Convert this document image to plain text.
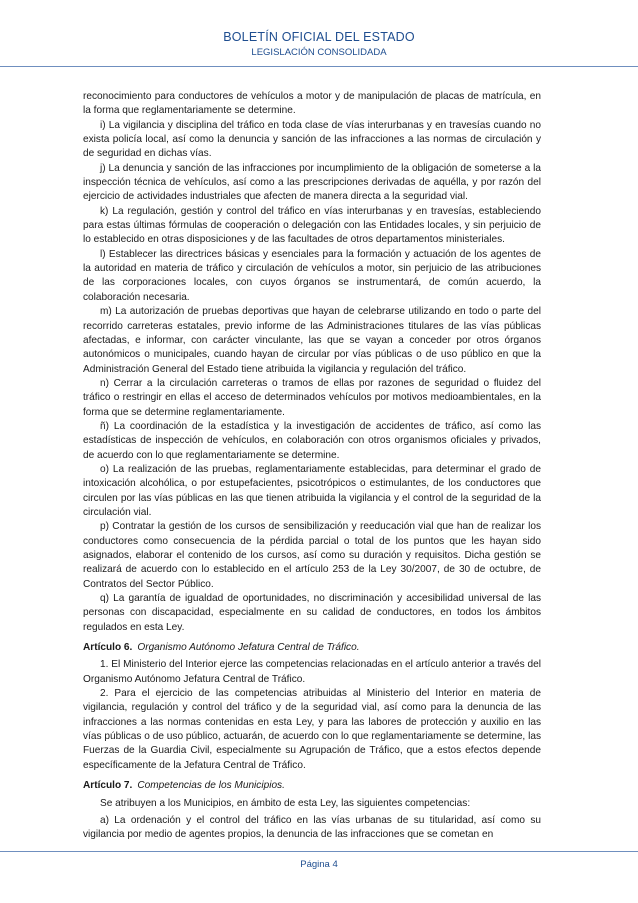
BOLETÍN OFICIAL DEL ESTADO
LEGISLACIÓN CONSOLIDADA

reconocimiento para conductores de vehículos a motor y de manipulación de placas de matrícula, en la forma que reglamentariamente se determine.

i) La vigilancia y disciplina del tráfico en toda clase de vías interurbanas y en travesías cuando no exista policía local, así como la denuncia y sanción de las infracciones a las normas de circulación y de seguridad en dichas vías.

j) La denuncia y sanción de las infracciones por incumplimiento de la obligación de someterse a la inspección técnica de vehículos, así como a las prescripciones derivadas de aquélla, y por razón del ejercicio de actividades industriales que afecten de manera directa a la seguridad vial.

k) La regulación, gestión y control del tráfico en vías interurbanas y en travesías, estableciendo para estas últimas fórmulas de cooperación o delegación con las Entidades locales, y sin perjuicio de lo establecido en otras disposiciones y de las facultades de otros departamentos ministeriales.

l) Establecer las directrices básicas y esenciales para la formación y actuación de los agentes de la autoridad en materia de tráfico y circulación de vehículos a motor, sin perjuicio de las atribuciones de las corporaciones locales, con cuyos órganos se instrumentará, de común acuerdo, la colaboración necesaria.

m) La autorización de pruebas deportivas que hayan de celebrarse utilizando en todo o parte del recorrido carreteras estatales, previo informe de las Administraciones titulares de las vías públicas afectadas, e informar, con carácter vinculante, las que se vayan a conceder por otros órganos autonómicos o municipales, cuando hayan de circular por vías públicas o de uso público en que la Administración General del Estado tiene atribuida la vigilancia y regulación del tráfico.

n) Cerrar a la circulación carreteras o tramos de ellas por razones de seguridad o fluidez del tráfico o restringir en ellas el acceso de determinados vehículos por motivos medioambientales, en la forma que se determine reglamentariamente.

ñ) La coordinación de la estadística y la investigación de accidentes de tráfico, así como las estadísticas de inspección de vehículos, en colaboración con otros organismos oficiales y privados, de acuerdo con lo que reglamentariamente se determine.

o) La realización de las pruebas, reglamentariamente establecidas, para determinar el grado de intoxicación alcohólica, o por estupefacientes, psicotrópicos o estimulantes, de los conductores que circulen por las vías públicas en las que tienen atribuida la vigilancia y el control de la seguridad de la circulación vial.

p) Contratar la gestión de los cursos de sensibilización y reeducación vial que han de realizar los conductores como consecuencia de la pérdida parcial o total de los puntos que les hayan sido asignados, elaborar el contenido de los cursos, así como su duración y requisitos. Dicha gestión se realizará de acuerdo con lo establecido en el artículo 253 de la Ley 30/2007, de 30 de octubre, de Contratos del Sector Público.

q) La garantía de igualdad de oportunidades, no discriminación y accesibilidad universal de las personas con discapacidad, especialmente en su calidad de conductores, en todos los ámbitos regulados en esta Ley.

Artículo 6. Organismo Autónomo Jefatura Central de Tráfico.

1. El Ministerio del Interior ejerce las competencias relacionadas en el artículo anterior a través del Organismo Autónomo Jefatura Central de Tráfico.

2. Para el ejercicio de las competencias atribuidas al Ministerio del Interior en materia de vigilancia, regulación y control del tráfico y de la seguridad vial, así como para la denuncia de las infracciones a las normas contenidas en esta Ley, y para las labores de protección y auxilio en las vías públicas o de uso público, actuarán, de acuerdo con lo que reglamentariamente se determine, las Fuerzas de la Guardia Civil, especialmente su Agrupación de Tráfico, que a estos efectos depende específicamente de la Jefatura Central de Tráfico.

Artículo 7. Competencias de los Municipios.

Se atribuyen a los Municipios, en ámbito de esta Ley, las siguientes competencias:

a) La ordenación y el control del tráfico en las vías urbanas de su titularidad, así como su vigilancia por medio de agentes propios, la denuncia de las infracciones que se cometan en

Página 4
